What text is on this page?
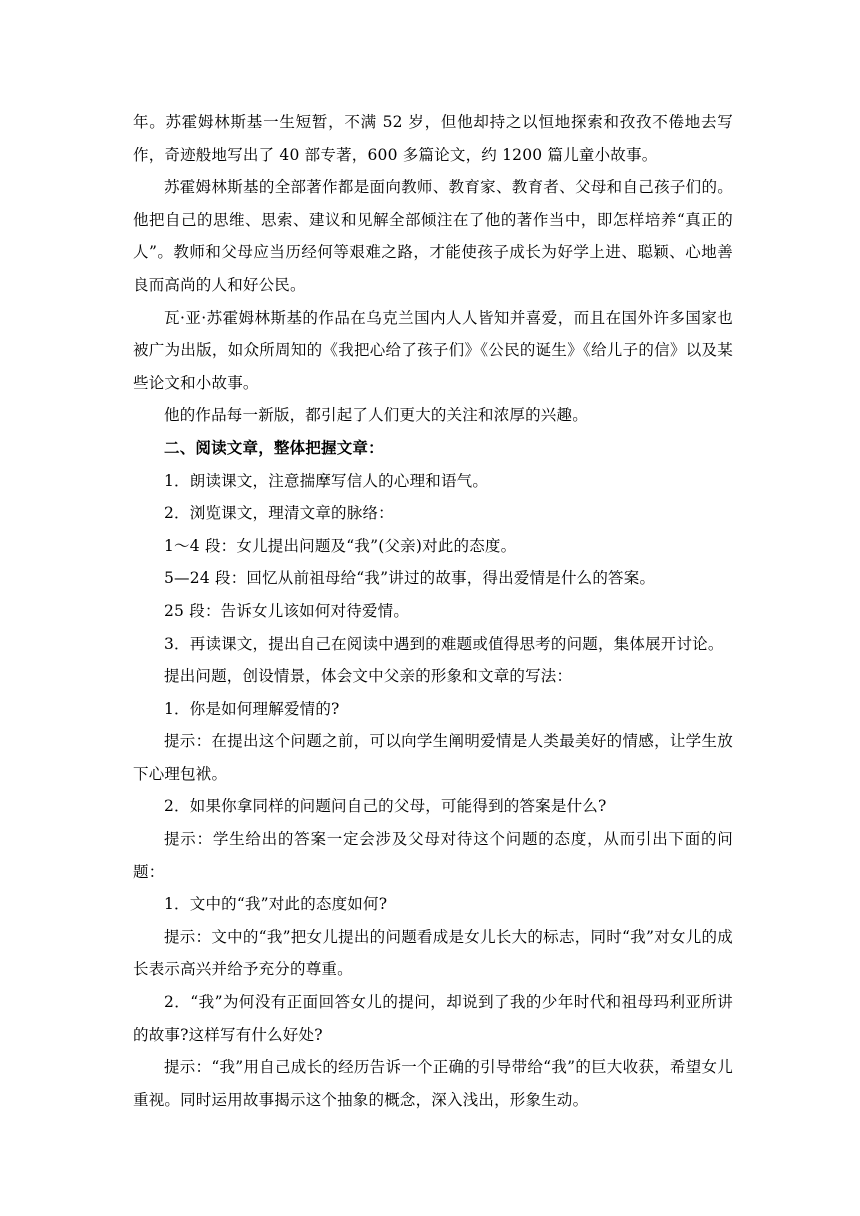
年。苏霍姆林斯基一生短暂，不满 52 岁，但他却持之以恒地探索和孜孜不倦地去写作，奇迹般地写出了 40 部专著，600 多篇论文，约 1200 篇儿童小故事。

苏霍姆林斯基的全部著作都是面向教师、教育家、教育者、父母和自己孩子们的。他把自己的思维、思索、建议和见解全部倾注在了他的著作当中，即怎样培养“真正的人”。教师和父母应当历经何等艰难之路，才能使孩子成长为好学上进、聪颖、心地善良而高尚的人和好公民。

瓦·亚·苏霍姆林斯基的作品在乌克兰国内人人皆知并喜爱，而且在国外许多国家也被广为出版，如众所周知的《我把心给了孩子们》《公民的诞生》《给儿子的信》以及某些论文和小故事。

他的作品每一新版，都引起了人们更大的关注和浓厚的兴趣。

二、阅读文章，整体把握文章：

1．朗读课文，注意揣摩写信人的心理和语气。

2．浏览课文，理清文章的脉络：

1～4 段：女儿提出问题及“我”(父亲)对此的态度。

5—24 段：回忆从前祖母给“我”讲过的故事，得出爱情是什么的答案。

25 段：告诉女儿该如何对待爱情。

3．再读课文，提出自己在阅读中遇到的难题或值得思考的问题，集体展开讨论。

提出问题，创设情景，体会文中父亲的形象和文章的写法：

1．你是如何理解爱情的?

提示：在提出这个问题之前，可以向学生阐明爱情是人类最美好的情感，让学生放下心理包袱。

2．如果你拿同样的问题问自己的父母，可能得到的答案是什么?

提示：学生给出的答案一定会涉及父母对待这个问题的态度，从而引出下面的问题：

1．文中的“我”对此的态度如何?

提示：文中的“我”把女儿提出的问题看成是女儿长大的标志，同时“我”对女儿的成长表示高兴并给予充分的尊重。

2．“我”为何没有正面回答女儿的提问，却说到了我的少年时代和祖母玛利亚所讲的故事?这样写有什么好处?

提示：“我”用自己成长的经历告诉一个正确的引导带给“我”的巨大收获，希望女儿重视。同时运用故事揭示这个抽象的概念，深入浅出，形象生动。
